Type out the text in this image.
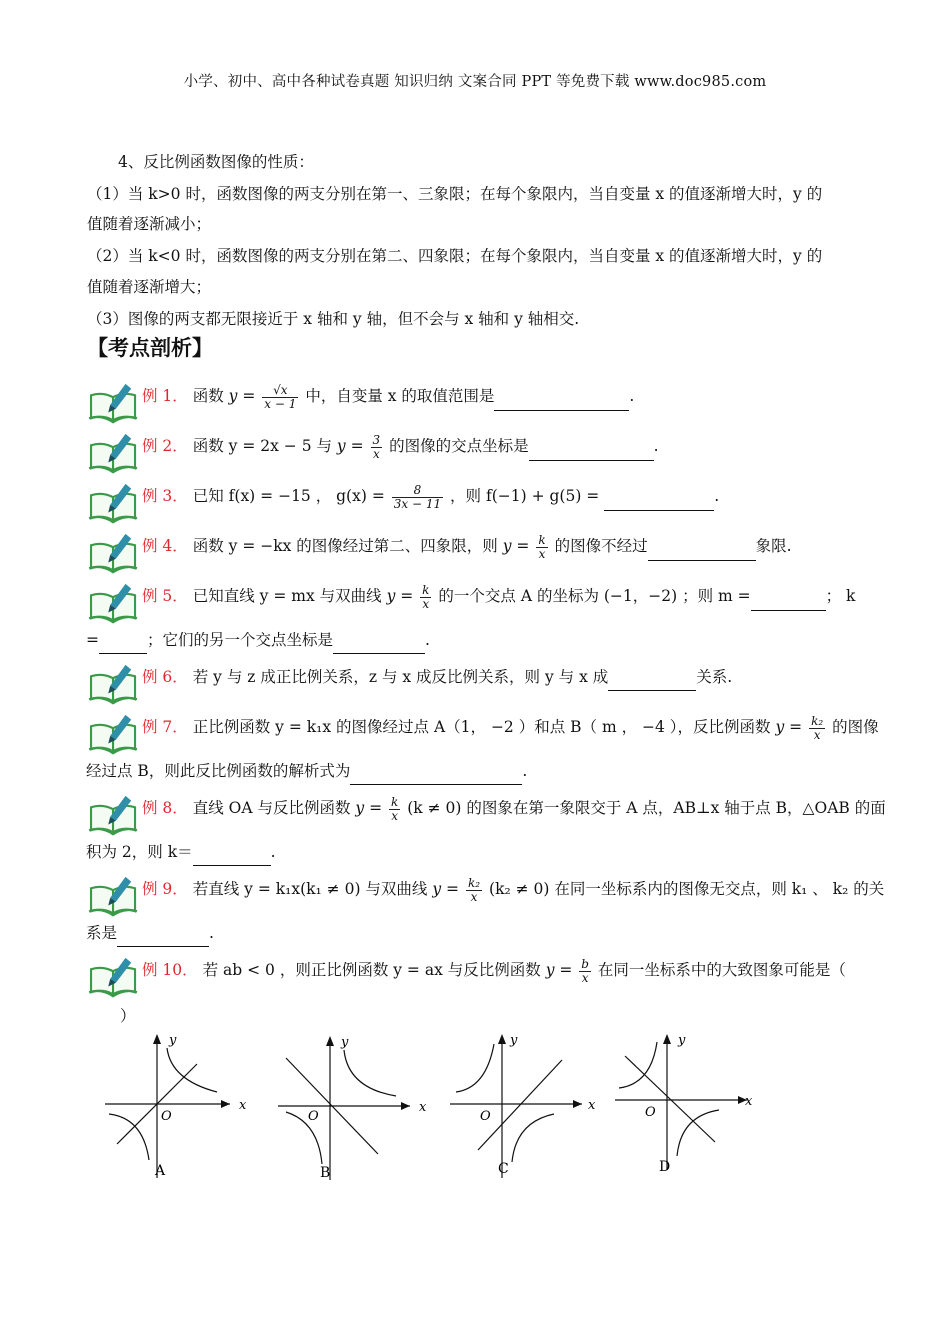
小学、初中、高中各种试卷真题 知识归纳 文案合同 PPT 等免费下载 www.doc985.com
4、反比例函数图像的性质：
（1）当 k>0 时，函数图像的两支分别在第一、三象限；在每个象限内，当自变量 x 的值逐渐增大时，y 的
值随着逐渐减小；
（2）当 k<0 时，函数图像的两支分别在第二、四象限；在每个象限内，当自变量 x 的值逐渐增大时，y 的
值随着逐渐增大；
（3）图像的两支都无限接近于 x 轴和 y 轴，但不会与 x 轴和 y 轴相交.
【考点剖析】
例 1． 函数 $y = \frac{√x}{x - 1}$ 中，自变量 x 的取值范围是	.
例 2． 函数 y = 2x − 5 与 $y = \frac{3}{x}$ 的图像的交点坐标是	.
例 3． 已知 f(x) = −15 ， $g(x) = \frac{8}{3x - 11}$ ，则 f(−1) + g(5) =	.
例 4． 函数 y = −kx 的图像经过第二、四象限，则 $y = \frac{k}{x}$ 的图像不经过	象限.
例 5． 已知直线 y = mx 与双曲线 $y = \frac{k}{x}$ 的一个交点 A 的坐标为 (−1，−2) ；则 m =	； k
=	；它们的另一个交点坐标是	.
例 6． 若 y 与 z 成正比例关系，z 与 x 成反比例关系，则 y 与 x 成	关系.
例 7． 正比例函数 y = k₁x 的图像经过点 A（1， −2 ）和点 B（ m ， −4 ），反比例函数 $y = \frac{\text{k₂}}{x}$ 的图像
经过点 B，则此反比例函数的解析式为	.
例 8． 直线 OA 与反比例函数 $y = \frac{k}{x} (k \ne 0)$ 的图象在第一象限交于 A 点，AB⊥x 轴于点 B，△OAB 的面
积为 2，则 k＝	.
例 9． 若直线 y = k₁x(k₁ ≠ 0) 与双曲线 $y = \frac{\text{k₂}}{x} (k_2 \ne 0)$ 在同一坐标系内的图像无交点，则 k₁ 、 k₂ 的关
系是	.
例 10． 若 ab < 0 ，则正比例函数 y = ax 与反比例函数 $y = \frac{b}{x}$ 在同一坐标系中的大致图象可能是（
）
x
y
O
A
x
y
O
B
x
y
O
C
x
y
O
D
